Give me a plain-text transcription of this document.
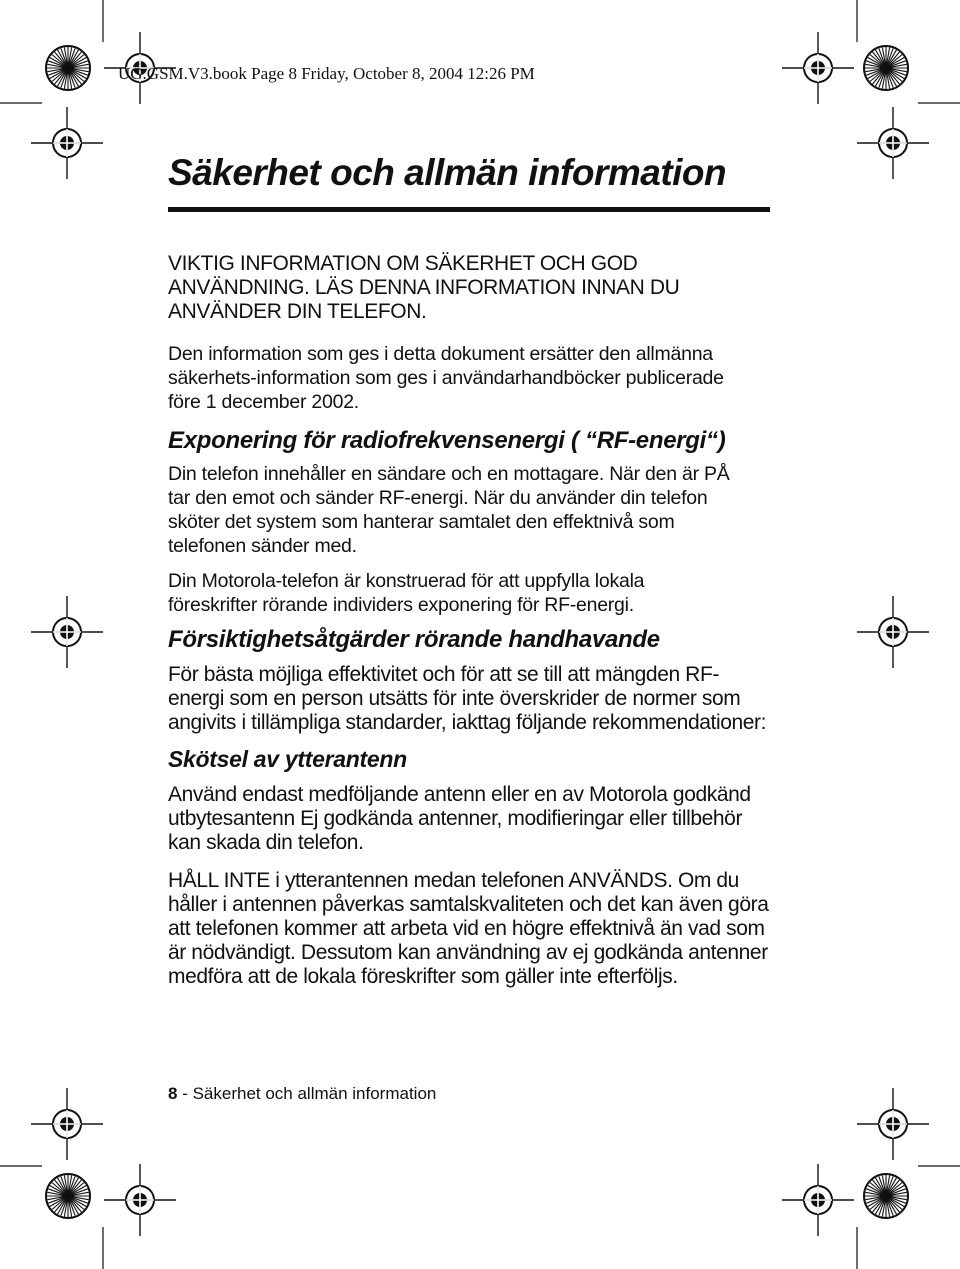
UG.GSM.V3.book Page 8 Friday, October 8, 2004 12:26 PM
Säkerhet och allmän information

VIKTIG INFORMATION OM SÄKERHET OCH GOD
ANVÄNDNING. LÄS DENNA INFORMATION INNAN DU
ANVÄNDER DIN TELEFON.

Den information som ges i detta dokument ersätter den allmänna
säkerhets-information som ges i användarhandböcker publicerade
före 1 december 2002.

Exponering för radiofrekvensenergi ( “RF-energi“)

Din telefon innehåller en sändare och en mottagare. När den är PÅ
tar den emot och sänder RF-energi. När du använder din telefon
sköter det system som hanterar samtalet den effektnivå som
telefonen sänder med.

Din Motorola-telefon är konstruerad för att uppfylla lokala
föreskrifter rörande individers exponering för RF-energi.

Försiktighetsåtgärder rörande handhavande

För bästa möjliga effektivitet och för att se till att mängden RF-
energi som en person utsätts för inte överskrider de normer som
angivits i tillämpliga standarder, iakttag följande rekommendationer:

Skötsel av ytterantenn

Använd endast medföljande antenn eller en av Motorola godkänd
utbytesantenn Ej godkända antenner, modifieringar eller tillbehör
kan skada din telefon.

HÅLL INTE i ytterantennen medan telefonen ANVÄNDS. Om du
håller i antennen påverkas samtalskvaliteten och det kan även göra
att telefonen kommer att arbeta vid en högre effektnivå än vad som
är nödvändigt. Dessutom kan användning av ej godkända antenner
medföra att de lokala föreskrifter som gäller inte efterföljs.

8 - Säkerhet och allmän information
